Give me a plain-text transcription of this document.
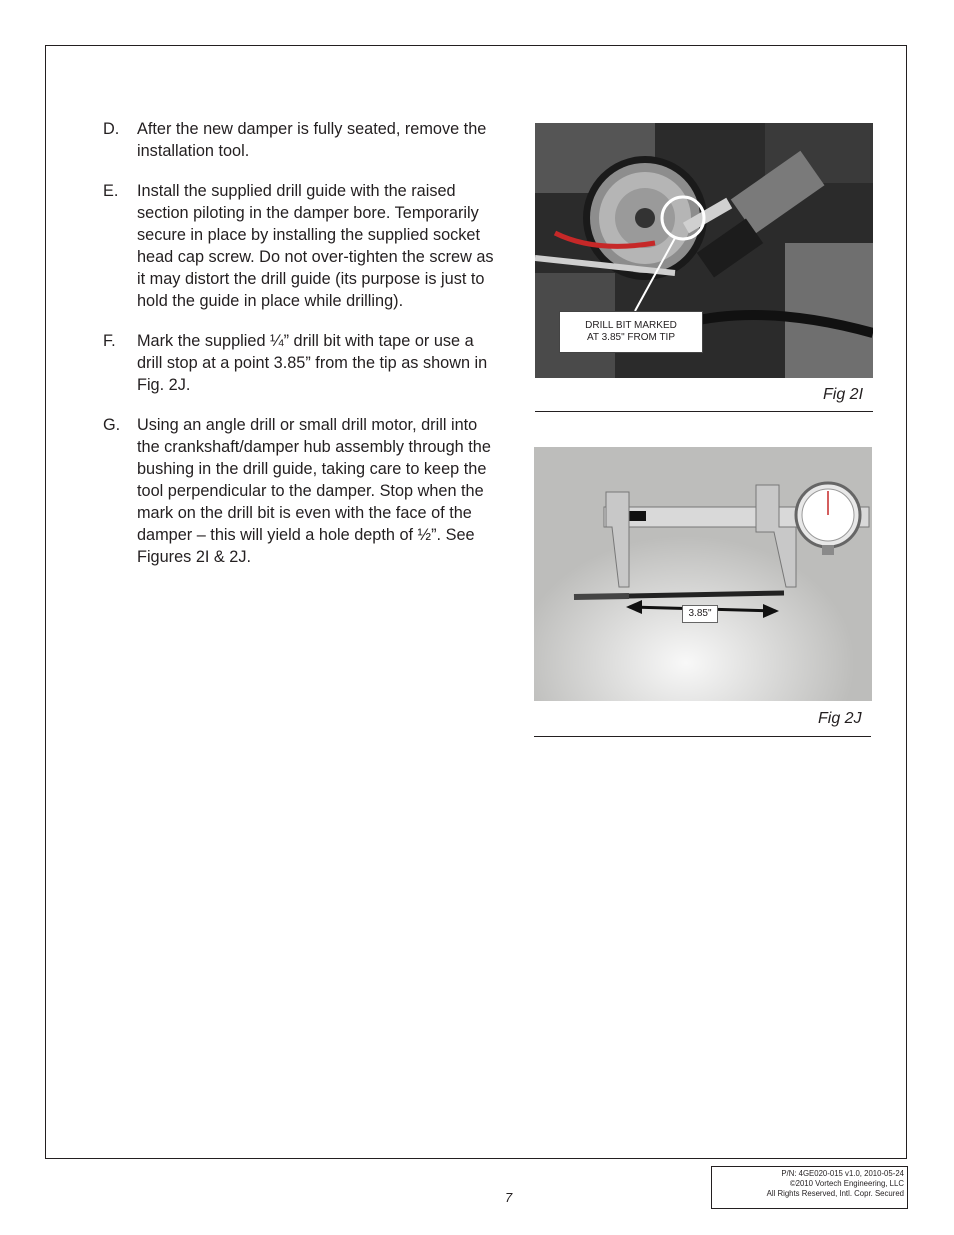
D. After the new damper is fully seated, remove the installation tool.
E. Install the supplied drill guide with the raised section piloting in the damper bore. Temporarily secure in place by installing the supplied socket head cap screw. Do not over-tighten the screw as it may distort the drill guide (its purpose is just to hold the guide in place while drilling).
F. Mark the supplied ¼” drill bit with tape or use a drill stop at a point 3.85” from the tip as shown in Fig. 2J.
G. Using an angle drill or small drill motor, drill into the crankshaft/damper hub assembly through the bushing in the drill guide, taking care to keep the tool perpendicular to the damper. Stop when the mark on the drill bit is even with the face of the damper – this will yield a hole depth of ½”. See Figures 2I & 2J.
DRILL BIT MARKED
AT 3.85" FROM TIP
Fig 2I
3.85"
Fig 2J
7
P/N: 4GE020-015 v1.0, 2010-05-24
©2010 Vortech Engineering, LLC
All Rights Reserved, Intl. Copr. Secured
